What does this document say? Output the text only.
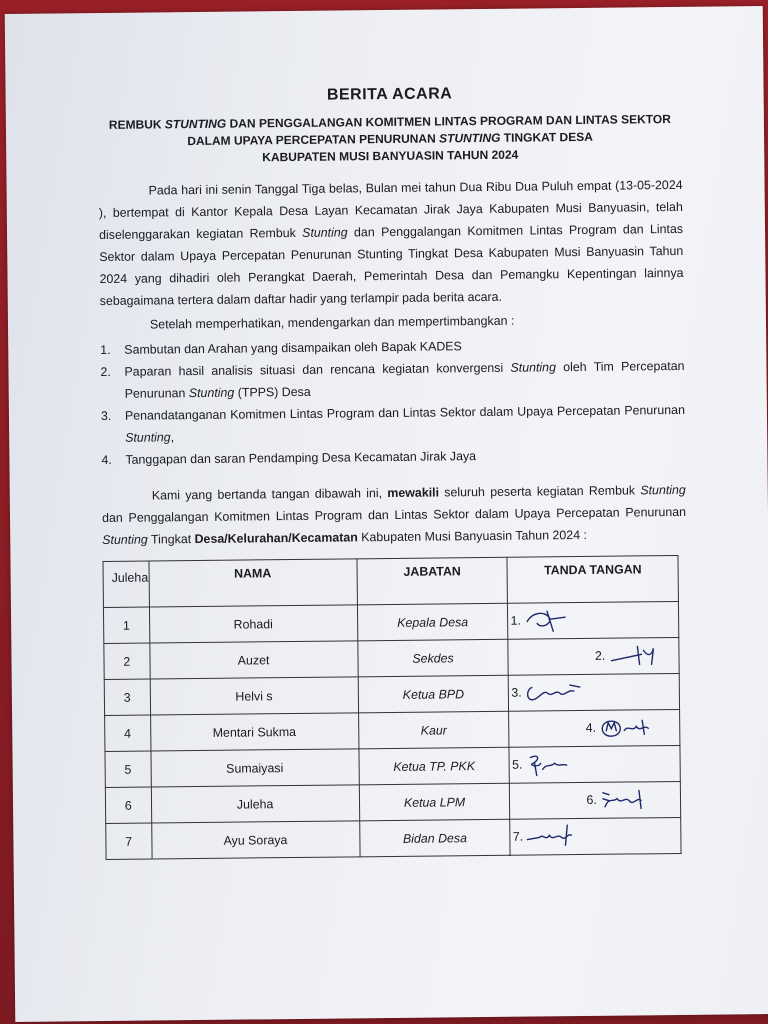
BERITA ACARA
REMBUK STUNTING DAN PENGGALANGAN KOMITMEN LINTAS PROGRAM DAN LINTAS SEKTOR DALAM UPAYA PERCEPATAN PENURUNAN STUNTING TINGKAT DESA
KABUPATEN MUSI BANYUASIN TAHUN 2024

Pada hari ini senin Tanggal Tiga belas, Bulan mei tahun Dua Ribu Dua Puluh empat (13-05-2024 ), bertempat di Kantor Kepala Desa Layan Kecamatan Jirak Jaya Kabupaten Musi Banyuasin, telah diselenggarakan kegiatan Rembuk Stunting dan Penggalangan Komitmen Lintas Program dan Lintas Sektor dalam Upaya Percepatan Penurunan Stunting Tingkat Desa Kabupaten Musi Banyuasin Tahun 2024 yang dihadiri oleh Perangkat Daerah, Pemerintah Desa dan Pemangku Kepentingan lainnya sebagaimana tertera dalam daftar hadir yang terlampir pada berita acara.

Setelah memperhatikan, mendengarkan dan mempertimbangkan :

1.	Sambutan dan Arahan yang disampaikan oleh Bapak KADES
2.	Paparan hasil analisis situasi dan rencana kegiatan konvergensi Stunting oleh Tim Percepatan Penurunan Stunting (TPPS) Desa
3.	Penandatanganan Komitmen Lintas Program dan Lintas Sektor dalam Upaya Percepatan Penurunan Stunting,
4.	Tanggapan dan saran Pendamping Desa Kecamatan Jirak Jaya

Kami yang bertanda tangan dibawah ini, mewakili seluruh peserta kegiatan Rembuk Stunting dan Penggalangan Komitmen Lintas Program dan Lintas Sektor dalam Upaya Percepatan Penurunan Stunting Tingkat Desa/Kelurahan/Kecamatan Kabupaten Musi Banyuasin Tahun 2024 :

Juleha	NAMA	JABATAN	TANDA TANGAN
1	Rohadi	Kepala Desa	1.

2	Auzet	Sekdes	2.

3	Helvi s	Ketua BPD	3.

4	Mentari Sukma	Kaur	4.

5	Sumaiyasi	Ketua TP. PKK	5.

6	Juleha	Ketua LPM	6.

7	Ayu Soraya	Bidan Desa	7.
